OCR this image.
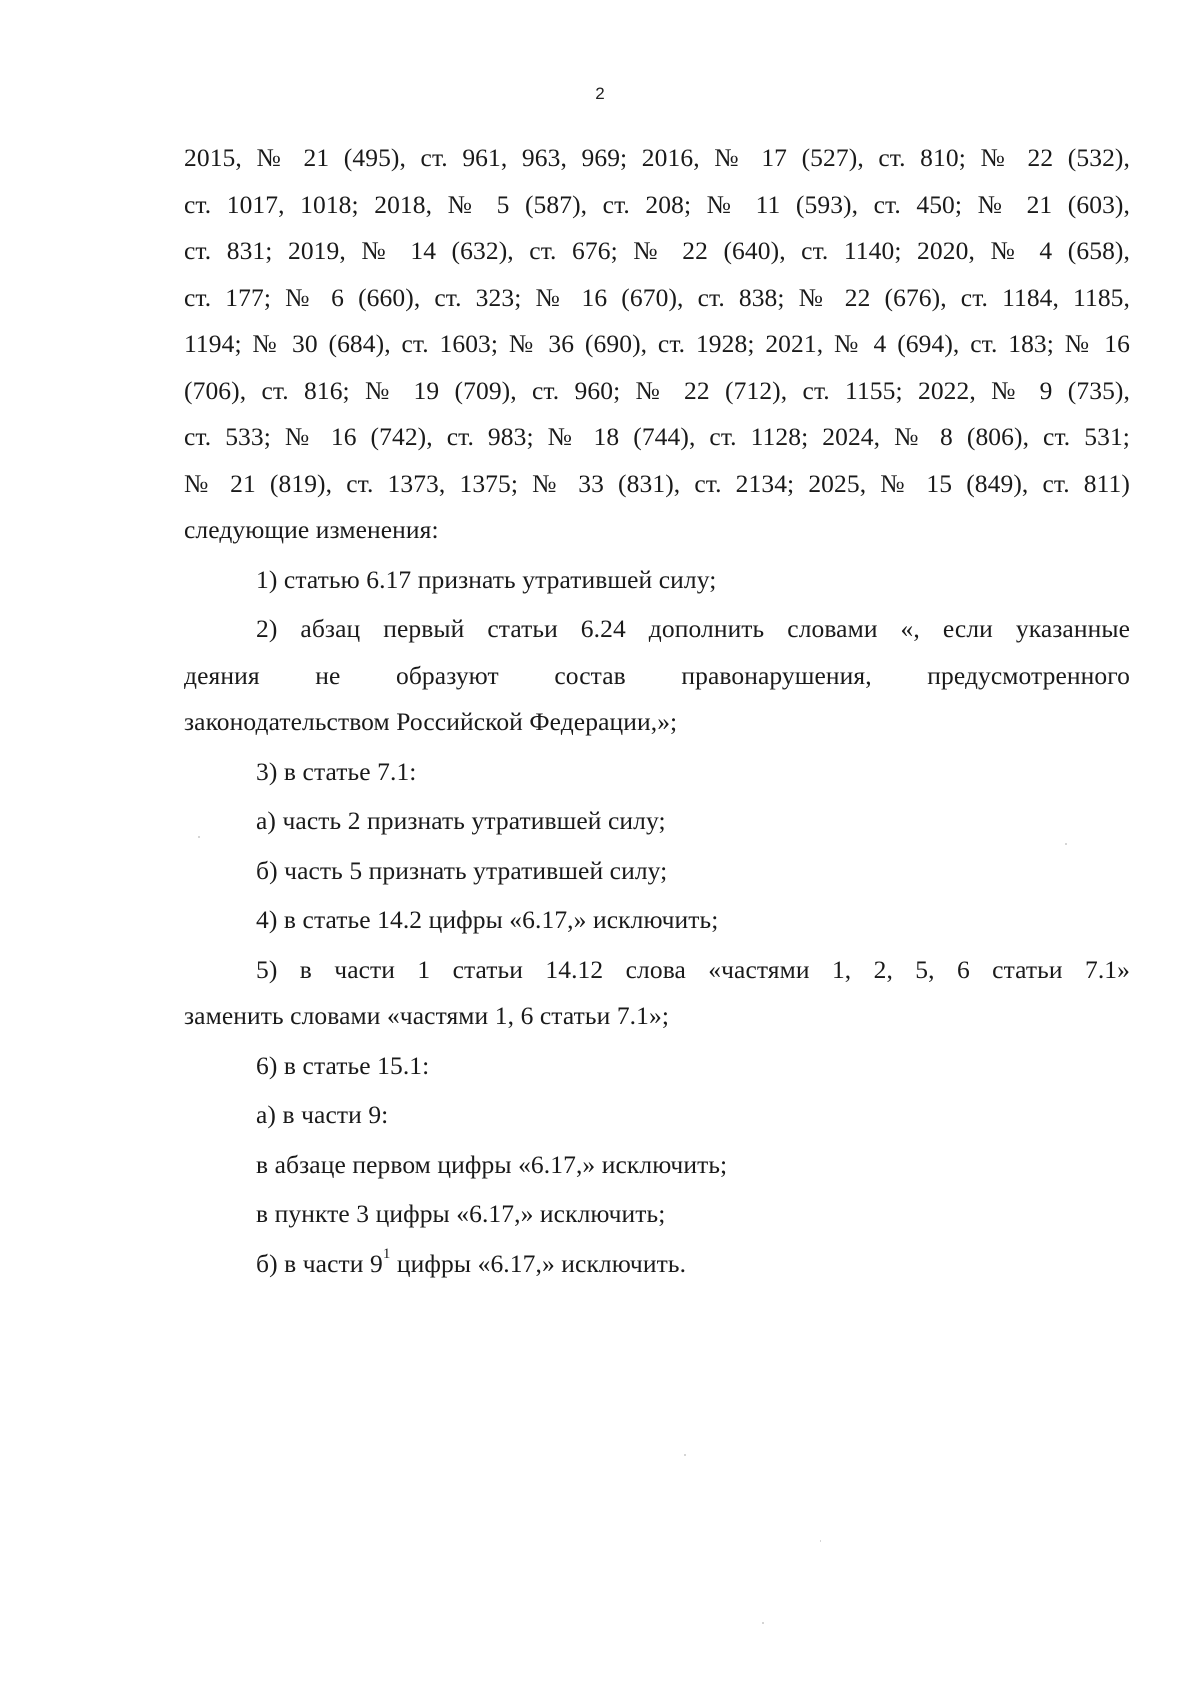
2

2015, № 21 (495), ст. 961, 963, 969; 2016, № 17 (527), ст. 810; № 22 (532),

ст. 1017, 1018; 2018, № 5 (587), ст. 208; № 11 (593), ст. 450; № 21 (603),

ст. 831; 2019, № 14 (632), ст. 676; № 22 (640), ст. 1140; 2020, № 4 (658),

ст. 177; № 6 (660), ст. 323; № 16 (670), ст. 838; № 22 (676), ст. 1184, 1185,

1194; № 30 (684), ст. 1603; № 36 (690), ст. 1928; 2021, № 4 (694), ст. 183; № 16

(706), ст. 816; № 19 (709), ст. 960; № 22 (712), ст. 1155; 2022, № 9 (735),

ст. 533; № 16 (742), ст. 983; № 18 (744), ст. 1128; 2024, № 8 (806), ст. 531;

№ 21 (819), ст. 1373, 1375; № 33 (831), ст. 2134; 2025, № 15 (849), ст. 811)

следующие изменения:

1) статью 6.17 признать утратившей силу;

2) абзац первый статьи 6.24 дополнить словами «, если указанные

деяния не образуют состав правонарушения, предусмотренного

законодательством Российской Федерации,»;

3) в статье 7.1:

а) часть 2 признать утратившей силу;

б) часть 5 признать утратившей силу;

4) в статье 14.2 цифры «6.17,» исключить;

5) в части 1 статьи 14.12 слова «частями 1, 2, 5, 6 статьи 7.1»

заменить словами «частями 1, 6 статьи 7.1»;

6) в статье 15.1:

а) в части 9:

в абзаце первом цифры «6.17,» исключить;

в пункте 3 цифры «6.17,» исключить;

б) в части $9^1$ цифры «6.17,» исключить.
